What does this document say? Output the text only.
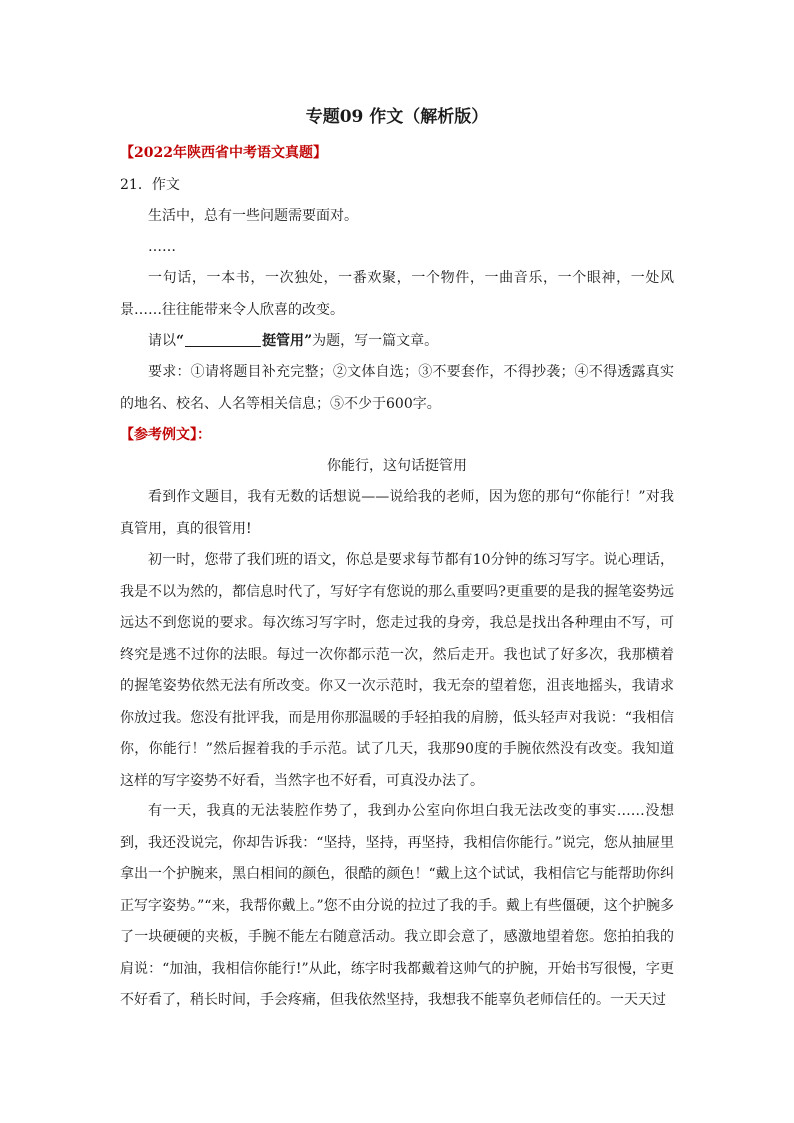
专题09 作文（解析版）
【2022年陕西省中考语文真题】
21．作文
生活中，总有一些问题需要面对。
……
一句话，一本书，一次独处，一番欢聚，一个物件，一曲音乐，一个眼神，一处风景……往往能带来令人欣喜的改变。
请以“	挺管用”为题，写一篇文章。
要求：①请将题目补充完整；②文体自选；③不要套作，不得抄袭；④不得透露真实的地名、校名、人名等相关信息；⑤不少于600字。
【参考例文】：
你能行，这句话挺管用
看到作文题目，我有无数的话想说——说给我的老师，因为您的那句“你能行！”对我真管用，真的很管用!
初一时，您带了我们班的语文，你总是要求每节都有10分钟的练习写字。说心理话，我是不以为然的，都信息时代了，写好字有您说的那么重要吗?更重要的是我的握笔姿势远远达不到您说的要求。每次练习写字时，您走过我的身旁，我总是找出各种理由不写，可终究是逃不过你的法眼。每过一次你都示范一次，然后走开。我也试了好多次，我那横着的握笔姿势依然无法有所改变。你又一次示范时，我无奈的望着您，沮丧地摇头，我请求你放过我。您没有批评我，而是用你那温暖的手轻拍我的肩膀，低头轻声对我说：“我相信你，你能行！”然后握着我的手示范。试了几天，我那90度的手腕依然没有改变。我知道这样的写字姿势不好看，当然字也不好看，可真没办法了。
有一天，我真的无法装腔作势了，我到办公室向你坦白我无法改变的事实……没想到，我还没说完，你却告诉我：“坚持，坚持，再坚持，我相信你能行。”说完，您从抽屉里拿出一个护腕来，黑白相间的颜色，很酷的颜色！“戴上这个试试，我相信它与能帮助你纠正写字姿势。”“来，我帮你戴上。”您不由分说的拉过了我的手。戴上有些僵硬，这个护腕多了一块硬硬的夹板，手腕不能左右随意活动。我立即会意了，感激地望着您。您拍拍我的肩说：“加油，我相信你能行!”从此，练字时我都戴着这帅气的护腕，开始书写很慢，字更不好看了，稍长时间，手会疼痛，但我依然坚持，我想我不能辜负老师信任的。一天天过
